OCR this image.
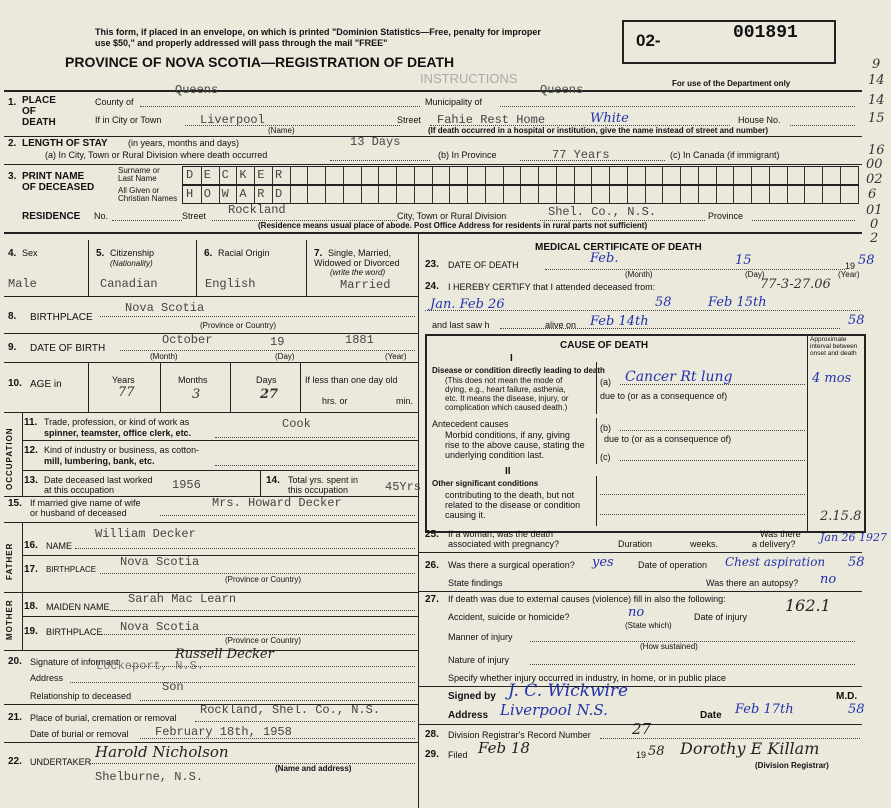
This form, if placed in an envelope, on which is printed "Dominion Statistics—Free, penalty for improper
use $50," and properly addressed will pass through the mail "FREE"
PROVINCE OF NOVA SCOTIA—REGISTRATION OF DEATH
INSTRUCTIONS
02-	001891
For use of the Department only
9
14
14
15
16
00
02
6
01
0
2
1. PLACE
OF
DEATH
County of
Queens
Municipality of
Queens
If in City or Town	Liverpool
(Name)
Street Fahie Rest Home	White	House No.
(If death occurred in a hospital or institution, give the name instead of street and number)
2. LENGTH OF STAY (in years, months and days)	13 Days
(a) In City, Town or Rural Division where death occurred	(b) In Province	77 Years	(c) In Canada (if immigrant)
3. PRINT NAME
OF DECEASED
Surname or
Last Name
All Given or
Christian Names
DECKER
HOWARD
RESIDENCE No.	Street Rockland	City, Town or Rural Division	Shel. Co., N.S.	Province
(Residence means usual place of abode. Post Office Address for residents in rural parts not sufficient)
4. Sex
Male
5. Citizenship
(Nationality)
Canadian
6. Racial Origin
English
7. Single, Married,
Widowed or Divorced
(write the word)
Married
8. BIRTHPLACE
Nova Scotia
(Province or Country)
9. DATE OF BIRTH
October	19	1881
(Month)	(Day)	(Year)
10. AGE in	Years
77
Months
3
Days
27
If less than one day old
hrs. or	min.
OCCUPATION
11. Trade, profession, or kind of work as
spinner, teamster, office clerk, etc.
Cook
12. Kind of industry or business, as cotton-
mill, lumbering, bank, etc.
13. Date deceased last worked
at this occupation	1956	14. Total yrs. spent in
this occupation	45Yrs
15. If married give name of wife
or husband of deceased
Mrs. Howard Decker
FATHER 16. NAME
William Decker
17. BIRTHPLACE
Nova Scotia
(Province or Country)
MOTHER 18. MAIDEN NAME
Sarah Mac Learn
19. BIRTHPLACE Nova Scotia
(Province or Country)
20. Signature of informant	Russell Decker
Lockeport, N.S.
Address
Son
Relationship to deceased
21. Place of burial, cremation or removal
Rockland, Shel. Co., N.S.
Date of burial or removal February 18th, 1958
22. UNDERTAKER
Harold Nicholson
Shelburne, N.S.
(Name and address)
MEDICAL CERTIFICATE OF DEATH
23. DATE OF DEATH	Feb.	15	19 58
(Month)	(Day)	(Year)
24. I HEREBY CERTIFY that I attended deceased from:	77-3-27.06
Jan. Feb 26	58	Feb 15th
and last saw h	alive on Feb 14th	58
CAUSE OF DEATH
Approximate interval between onset and death
I
Disease or condition directly leading to death
(This does not mean the mode of
dying, e.g., heart failure, asthenia,
etc. It means the disease, injury, or
complication which caused death.)
(a) Cancer Rt lung	4 mos
due to (or as a consequence of)
Antecedent causes
Morbid conditions, if any, giving
rise to the above cause, stating the
underlying condition last.
(b)
due to (or as a consequence of)
(c)
II
Other significant conditions
contributing to the death, but not
related to the disease or condition
causing it.	2.15.8
25. If a woman, was the death
associated with pregnancy?	Duration	weeks.
Was there
a delivery? Jan 26 1927
26. Was there a surgical operation? yes	Date of operation Chest aspiration 58
State findings	Was there an autopsy? no
27. If death was due to external causes (violence) fill in also the following:
Accident, suicide or homicide?	no
(State which)
Date of injury
162.1
Manner of injury
(How sustained)
Nature of injury
Specify whether injury occurred in industry, in home, or in public place
Signed by J. C. Wickwire	M.D.
Address Liverpool N.S.	Date Feb 17th	58
28. Division Registrar's Record Number	27
29. Filed Feb 18	19 58 Dorothy E Killam
(Division Registrar)
